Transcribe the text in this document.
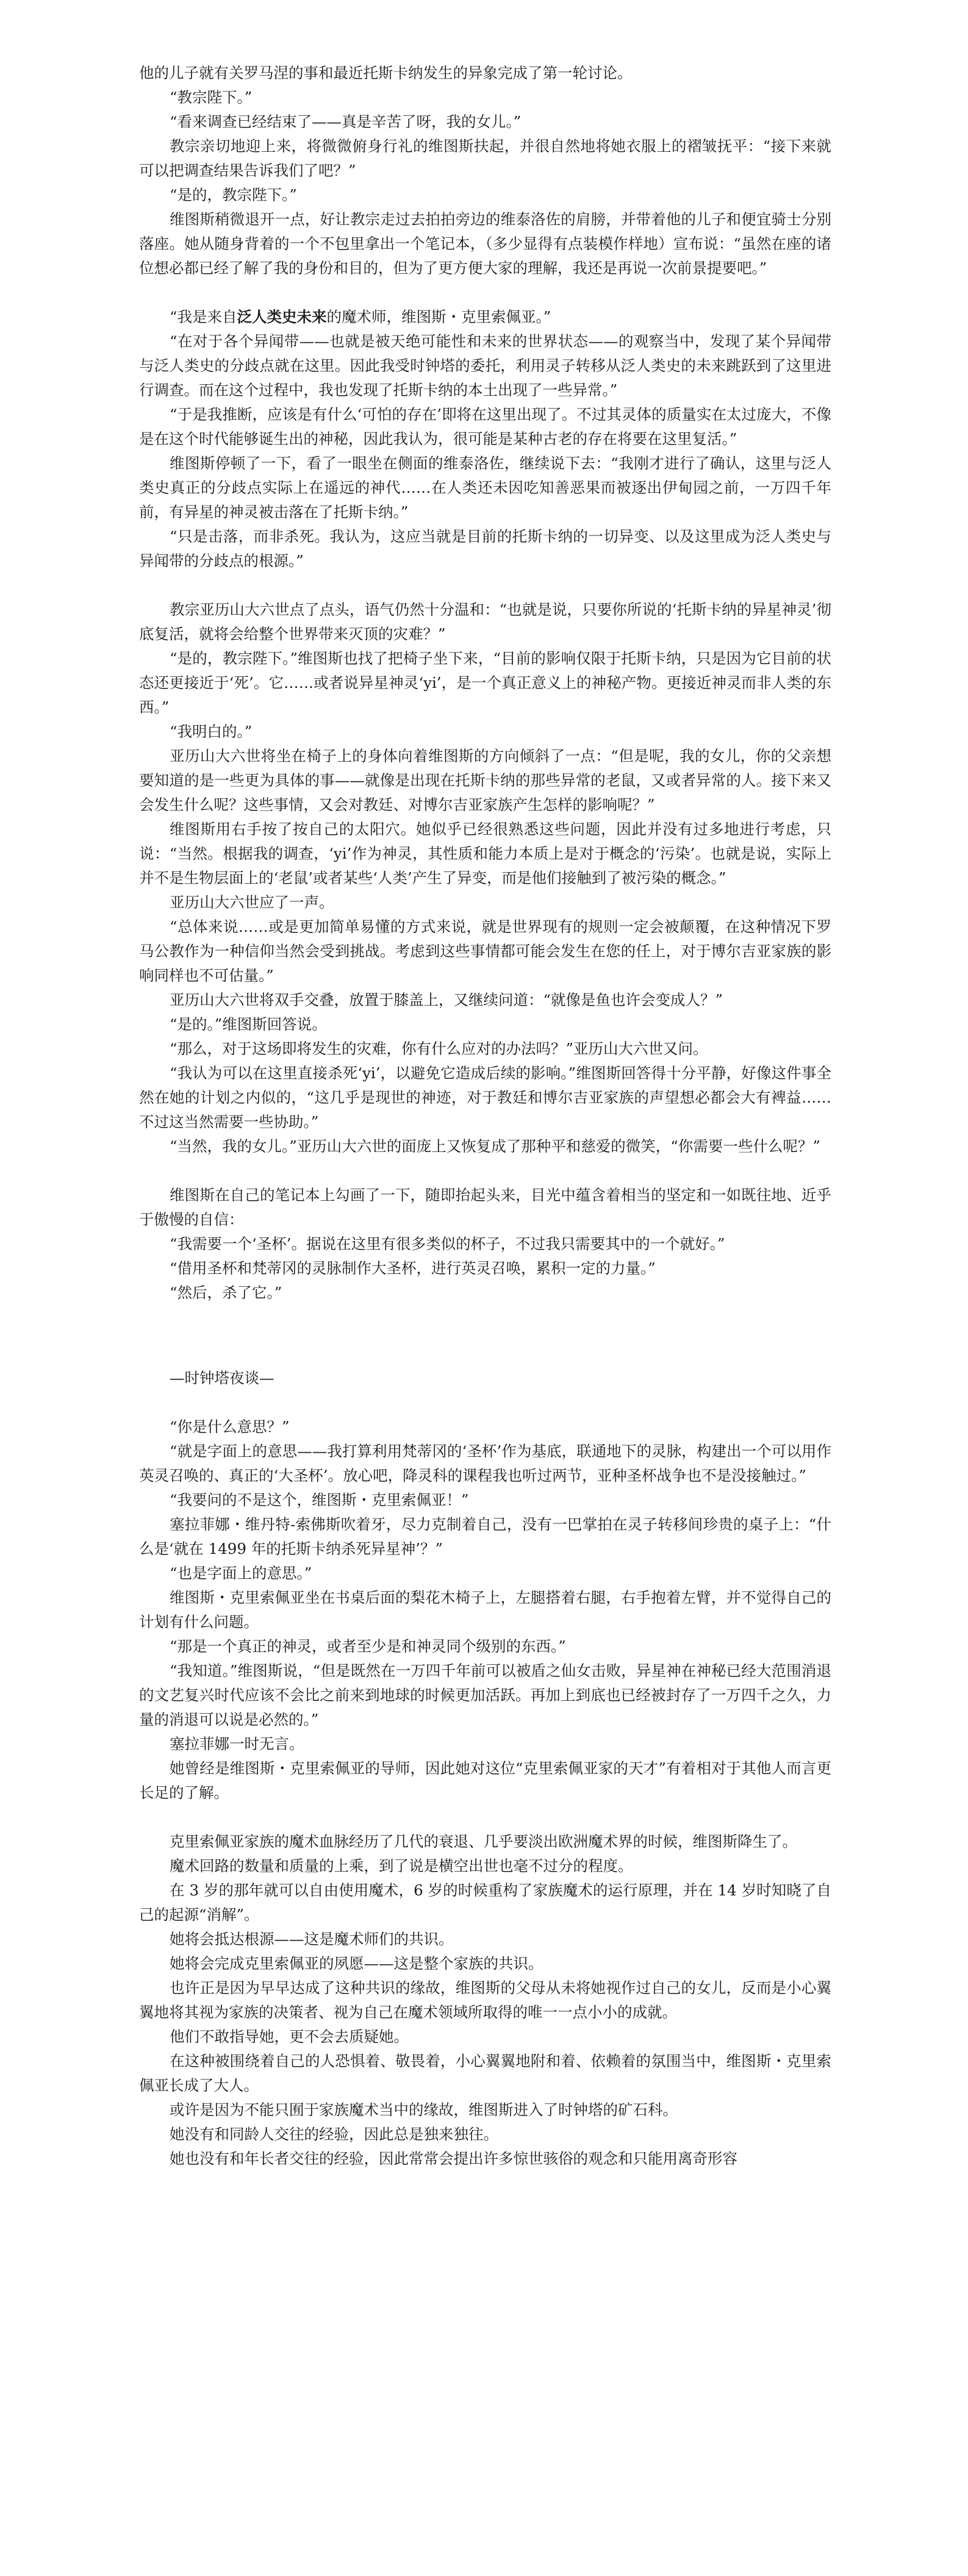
他的儿子就有关罗马涅的事和最近托斯卡纳发生的异象完成了第一轮讨论。

“教宗陛下。”

“看来调查已经结束了——真是辛苦了呀，我的女儿。”

教宗亲切地迎上来，将微微俯身行礼的维图斯扶起，并很自然地将她衣服上的褶皱抚平：“接下来就可以把调查结果告诉我们了吧？”

“是的，教宗陛下。”

维图斯稍微退开一点，好让教宗走过去拍拍旁边的维泰洛佐的肩膀，并带着他的儿子和便宜骑士分别落座。她从随身背着的一个不包里拿出一个笔记本，（多少显得有点装模作样地）宣布说：“虽然在座的诸位想必都已经了解了我的身份和目的，但为了更方便大家的理解，我还是再说一次前景提要吧。”

“我是来自泛人类史未来的魔术师，维图斯・克里索佩亚。”

“在对于各个异闻带——也就是被天绝可能性和未来的世界状态——的观察当中，发现了某个异闻带与泛人类史的分歧点就在这里。因此我受时钟塔的委托，利用灵子转移从泛人类史的未来跳跃到了这里进行调查。而在这个过程中，我也发现了托斯卡纳的本土出现了一些异常。”

“于是我推断，应该是有什么‘可怕的存在’即将在这里出现了。不过其灵体的质量实在太过庞大，不像是在这个时代能够诞生出的神秘，因此我认为，很可能是某种古老的存在将要在这里复活。”

维图斯停顿了一下，看了一眼坐在侧面的维泰洛佐，继续说下去：“我刚才进行了确认，这里与泛人类史真正的分歧点实际上在遥远的神代……在人类还未因吃知善恶果而被逐出伊甸园之前，一万四千年前，有异星的神灵被击落在了托斯卡纳。”

“只是击落，而非杀死。我认为，这应当就是目前的托斯卡纳的一切异变、以及这里成为泛人类史与异闻带的分歧点的根源。”

教宗亚历山大六世点了点头，语气仍然十分温和：“也就是说，只要你所说的‘托斯卡纳的异星神灵’彻底复活，就将会给整个世界带来灭顶的灾难？”

“是的，教宗陛下。”维图斯也找了把椅子坐下来，“目前的影响仅限于托斯卡纳，只是因为它目前的状态还更接近于‘死’。它……或者说异星神灵‘yi’，是一个真正意义上的神秘产物。更接近神灵而非人类的东西。”

“我明白的。”

亚历山大六世将坐在椅子上的身体向着维图斯的方向倾斜了一点：“但是呢，我的女儿，你的父亲想要知道的是一些更为具体的事——就像是出现在托斯卡纳的那些异常的老鼠，又或者异常的人。接下来又会发生什么呢？这些事情，又会对教廷、对博尔吉亚家族产生怎样的影响呢？”

维图斯用右手按了按自己的太阳穴。她似乎已经很熟悉这些问题，因此并没有过多地进行考虑，只说：“当然。根据我的调查，‘yi’作为神灵，其性质和能力本质上是对于概念的‘污染’。也就是说，实际上并不是生物层面上的‘老鼠’或者某些‘人类’产生了异变，而是他们接触到了被污染的概念。”

亚历山大六世应了一声。

“总体来说……或是更加简单易懂的方式来说，就是世界现有的规则一定会被颠覆，在这种情况下罗马公教作为一种信仰当然会受到挑战。考虑到这些事情都可能会发生在您的任上，对于博尔吉亚家族的影响同样也不可估量。”

亚历山大六世将双手交叠，放置于膝盖上，又继续问道：“就像是鱼也许会变成人？”

“是的。”维图斯回答说。

“那么，对于这场即将发生的灾难，你有什么应对的办法吗？”亚历山大六世又问。

“我认为可以在这里直接杀死‘yi’，以避免它造成后续的影响。”维图斯回答得十分平静，好像这件事全然在她的计划之内似的，“这几乎是现世的神迹，对于教廷和博尔吉亚家族的声望想必都会大有裨益……不过这当然需要一些协助。”

“当然，我的女儿。”亚历山大六世的面庞上又恢复成了那种平和慈爱的微笑，“你需要一些什么呢？”

维图斯在自己的笔记本上勾画了一下，随即抬起头来，目光中蕴含着相当的坚定和一如既往地、近乎于傲慢的自信：

“我需要一个‘圣杯’。据说在这里有很多类似的杯子，不过我只需要其中的一个就好。”

“借用圣杯和梵蒂冈的灵脉制作大圣杯，进行英灵召唤，累积一定的力量。”

“然后，杀了它。”

—时钟塔夜谈—

“你是什么意思？”

“就是字面上的意思——我打算利用梵蒂冈的‘圣杯’作为基底，联通地下的灵脉，构建出一个可以用作英灵召唤的、真正的‘大圣杯’。放心吧，降灵科的课程我也听过两节，亚种圣杯战争也不是没接触过。”

“我要问的不是这个，维图斯・克里索佩亚！”

塞拉菲娜・维丹特-索佛斯吹着牙，尽力克制着自己，没有一巴掌拍在灵子转移间珍贵的桌子上：“什么是‘就在 1499 年的托斯卡纳杀死异星神’？”

“也是字面上的意思。”

维图斯・克里索佩亚坐在书桌后面的梨花木椅子上，左腿搭着右腿，右手抱着左臂，并不觉得自己的计划有什么问题。

“那是一个真正的神灵，或者至少是和神灵同个级别的东西。”

“我知道。”维图斯说，“但是既然在一万四千年前可以被盾之仙女击败，异星神在神秘已经大范围消退的文艺复兴时代应该不会比之前来到地球的时候更加活跃。再加上到底也已经被封存了一万四千之久，力量的消退可以说是必然的。”

塞拉菲娜一时无言。

她曾经是维图斯・克里索佩亚的导师，因此她对这位“克里索佩亚家的天才”有着相对于其他人而言更长足的了解。

克里索佩亚家族的魔术血脉经历了几代的衰退、几乎要淡出欧洲魔术界的时候，维图斯降生了。

魔术回路的数量和质量的上乘，到了说是横空出世也毫不过分的程度。

在 3 岁的那年就可以自由使用魔术，6 岁的时候重构了家族魔术的运行原理，并在 14 岁时知晓了自己的起源“消解”。

她将会抵达根源——这是魔术师们的共识。

她将会完成克里索佩亚的夙愿——这是整个家族的共识。

也许正是因为早早达成了这种共识的缘故，维图斯的父母从未将她视作过自己的女儿，反而是小心翼翼地将其视为家族的决策者、视为自己在魔术领域所取得的唯一一点小小的成就。

他们不敢指导她，更不会去质疑她。

在这种被围绕着自己的人恐惧着、敬畏着，小心翼翼地附和着、依赖着的氛围当中，维图斯・克里索佩亚长成了大人。

或许是因为不能只囿于家族魔术当中的缘故，维图斯进入了时钟塔的矿石科。

她没有和同龄人交往的经验，因此总是独来独往。

她也没有和年长者交往的经验，因此常常会提出许多惊世骇俗的观念和只能用离奇形容
